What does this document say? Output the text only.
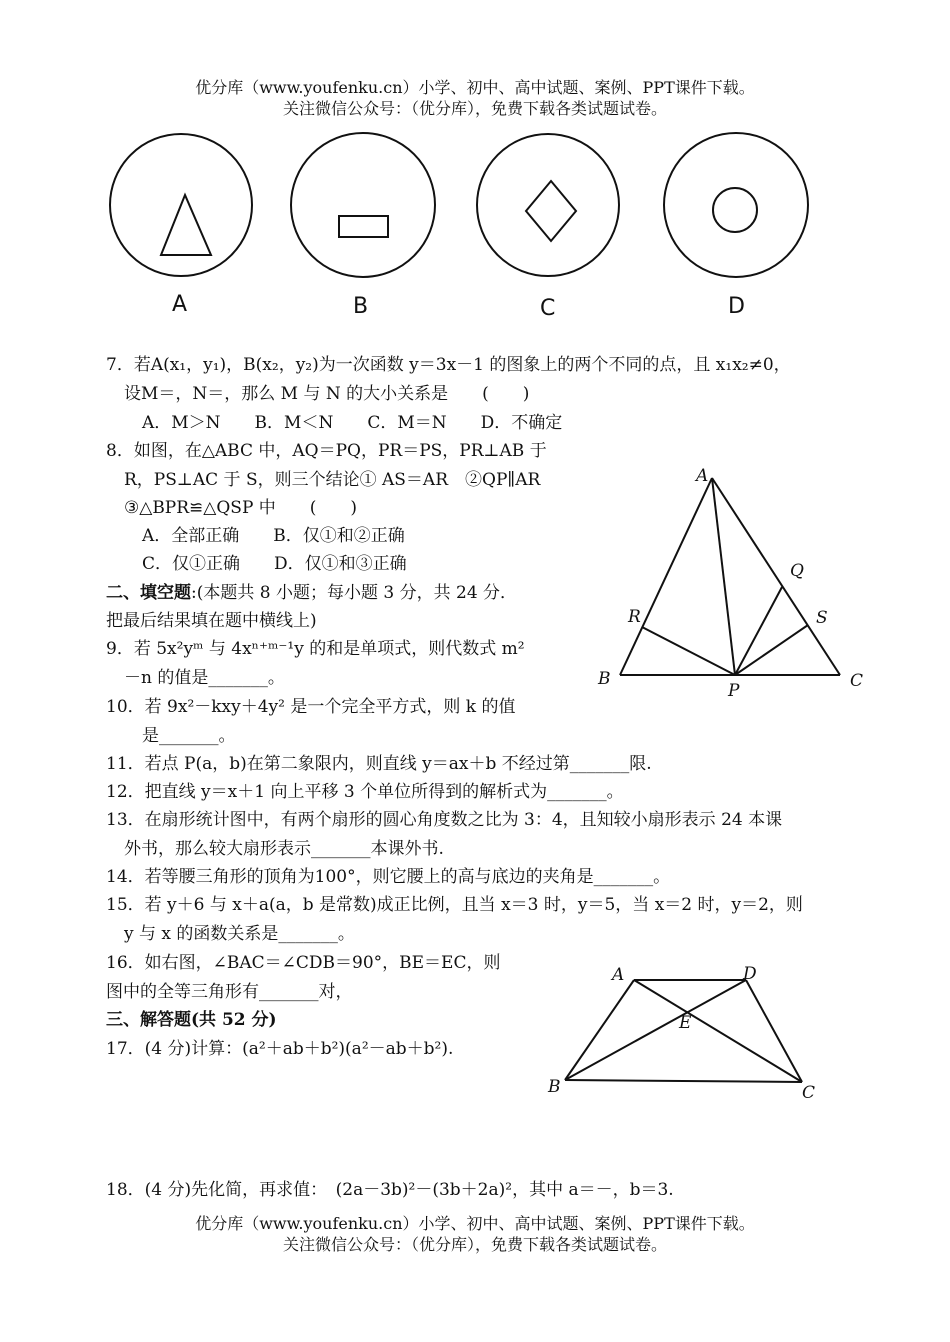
优分库（www.youfenku.cn）小学、初中、高中试题、案例、PPT课件下载。
关注微信公众号：（优分库），免费下载各类试题试卷。
A	B	C	D
7．若A(x₁，y₁)，B(x₂，y₂)为一次函数 y＝3x－1 的图象上的两个不同的点，且 x₁x₂≠0，
设M＝，N＝，那么 M 与 N 的大小关系是　　(　　)
A．M＞N　　B．M＜N　　C．M＝N　　D．不确定
8．如图，在△ABC 中，AQ＝PQ，PR＝PS，PR⊥AB 于
R，PS⊥AC 于 S，则三个结论① AS＝AR　②QP∥AR
③△BPR≌△QSP 中　　(　　)
A．全部正确　　B．仅①和②正确
C．仅①正确　　D．仅①和③正确
A
Q
R	S
B
P	C
二、填空题:(本题共 8 小题；每小题 3 分，共 24 分．
把最后结果填在题中横线上)
9．若 5x²yᵐ 与 4xⁿ⁺ᵐ⁻¹y 的和是单项式，则代数式 m²
－n 的值是_______。
10．若 9x²－kxy＋4y² 是一个完全平方式，则 k 的值
是_______。
11．若点 P(a，b)在第二象限内，则直线 y＝ax＋b 不经过第_______限.
12．把直线 y＝x＋1 向上平移 3 个单位所得到的解析式为_______。
13．在扇形统计图中，有两个扇形的圆心角度数之比为 3：4，且知较小扇形表示 24 本课
外书，那么较大扇形表示_______本课外书.
14．若等腰三角形的顶角为100°，则它腰上的高与底边的夹角是_______。
15．若 y＋6 与 x＋a(a，b 是常数)成正比例，且当 x＝3 时，y＝5，当 x＝2 时，y＝2，则
y 与 x 的函数关系是_______。
16．如右图，∠BAC＝∠CDB＝90°，BE＝EC，则
图中的全等三角形有_______对，
A	D
E
B	C
三、解答题(共 52 分)
17．(4 分)计算：(a²＋ab＋b²)(a²－ab＋b²).
18．(4 分)先化简，再求值：　(2a－3b)²－(3b＋2a)²，其中 a＝－，b＝3.
优分库（www.youfenku.cn）小学、初中、高中试题、案例、PPT课件下载。
关注微信公众号：（优分库），免费下载各类试题试卷。
